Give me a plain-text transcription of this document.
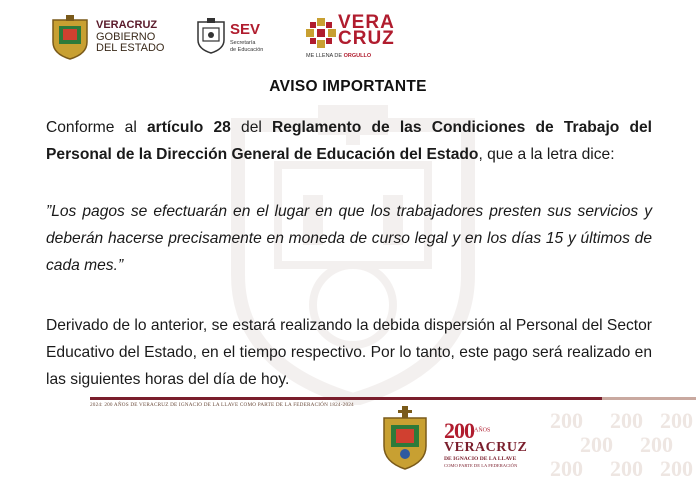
VERACRUZ
GOBIERNO
DEL ESTADO
SEV
Secretaría
de Educación
VERA
CRUZ
ME LLENA DE ORGULLO
AVISO IMPORTANTE
Conforme al artículo 28 del Reglamento de las Condiciones de Trabajo del Personal de la Dirección General de Educación del Estado, que a la letra dice:
”Los pagos se efectuarán en el lugar en que los trabajadores presten sus servicios y deberán hacerse precisamente en moneda de curso legal y en los días 15 y últimos de cada mes.”
Derivado de lo anterior, se estará realizando la debida dispersión al Personal del Sector Educativo del Estado, en el tiempo respectivo. Por lo tanto, este pago será realizado en las siguientes horas del día de hoy.
2024: 200 AÑOS DE VERACRUZ DE IGNACIO DE LA LLAVE COMO PARTE DE LA FEDERACIÓN 1824-2024
200 200 200
200 200
200 200 200
$200^{AÑOS}$
VERACRUZ
DE IGNACIO DE LA LLAVE
COMO PARTE DE LA FEDERACIÓN
